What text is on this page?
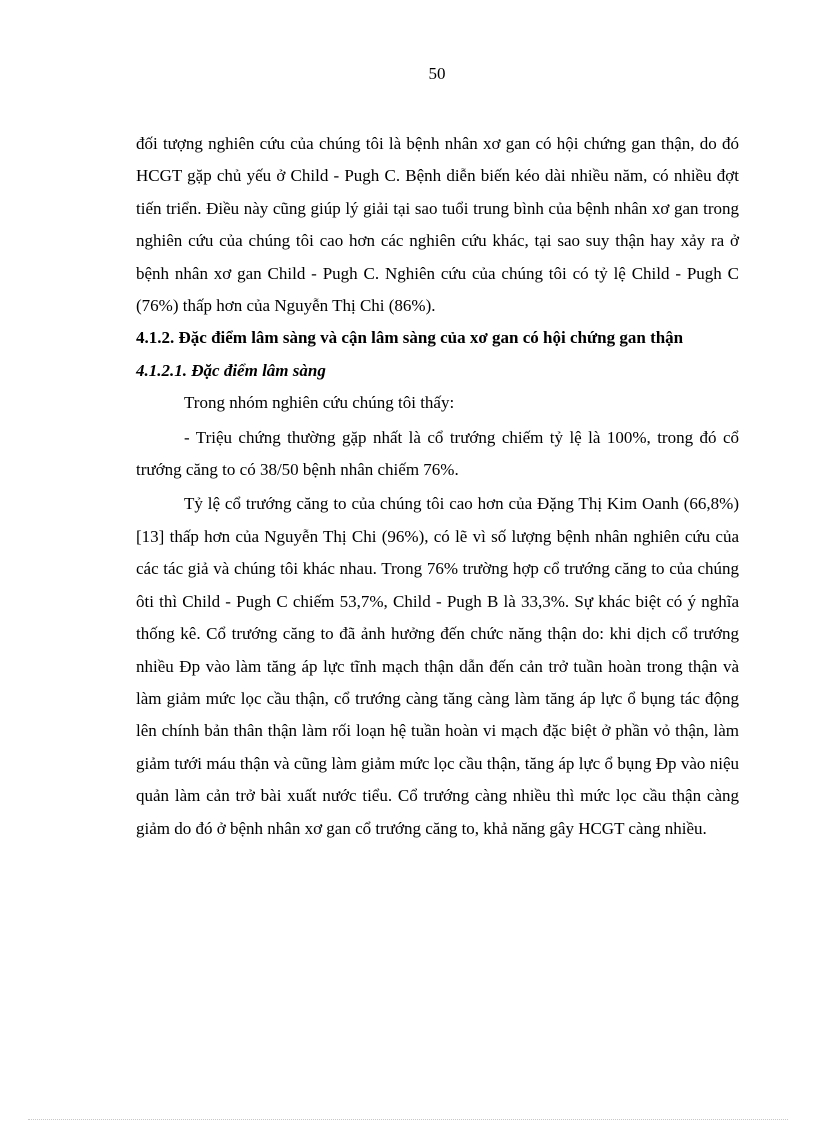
50

đối tượng nghiên cứu của chúng tôi là bệnh nhân xơ gan có hội chứng gan thận, do đó HCGT gặp chủ yếu ở Child - Pugh C. Bệnh diễn biến kéo dài nhiều năm, có nhiều đợt tiến triển. Điều này cũng giúp lý giải tại sao tuổi trung bình của bệnh nhân xơ gan trong nghiên cứu của chúng tôi cao hơn các nghiên cứu khác, tại sao suy thận hay xảy ra ở bệnh nhân xơ gan Child - Pugh C. Nghiên cứu của chúng tôi có tỷ lệ Child - Pugh C (76%) thấp hơn của Nguyễn Thị Chi (86%).

4.1.2. Đặc điểm lâm sàng và cận lâm sàng của xơ gan có hội chứng gan thận

4.1.2.1. Đặc điểm lâm sàng

Trong nhóm nghiên cứu chúng tôi thấy:

- Triệu chứng thường gặp nhất là cổ trướng chiếm tỷ lệ là 100%, trong đó cổ trướng căng to có 38/50 bệnh nhân chiếm 76%.

Tỷ lệ cổ trướng căng to của chúng tôi cao hơn của Đặng Thị Kim Oanh (66,8%) [13] thấp hơn của Nguyễn Thị Chi (96%), có lẽ vì số lượng bệnh nhân nghiên cứu của các tác giả và chúng tôi khác nhau. Trong 76% trường hợp cổ trướng căng to của chúng ôti thì Child - Pugh C chiếm 53,7%, Child - Pugh B là 33,3%. Sự khác biệt có ý nghĩa thống kê. Cổ trướng căng to đã ảnh hưởng đến chức năng thận do: khi dịch cổ trướng nhiều Đp vào làm tăng áp lực tĩnh mạch thận dẫn đến cản trở tuần hoàn trong thận và làm giảm mức lọc cầu thận, cổ trướng càng tăng càng làm tăng áp lực ổ bụng tác động lên chính bản thân thận làm rối loạn hệ tuần hoàn vi mạch đặc biệt ở phần vỏ thận, làm giảm tưới máu thận và cũng làm giảm mức lọc cầu thận, tăng áp lực ổ bụng Đp vào niệu quản làm cản trở bài xuất nước tiểu. Cổ trướng càng nhiều thì mức lọc cầu thận càng giảm do đó ở bệnh nhân xơ gan cổ trướng căng to, khả năng gây HCGT càng nhiều.
